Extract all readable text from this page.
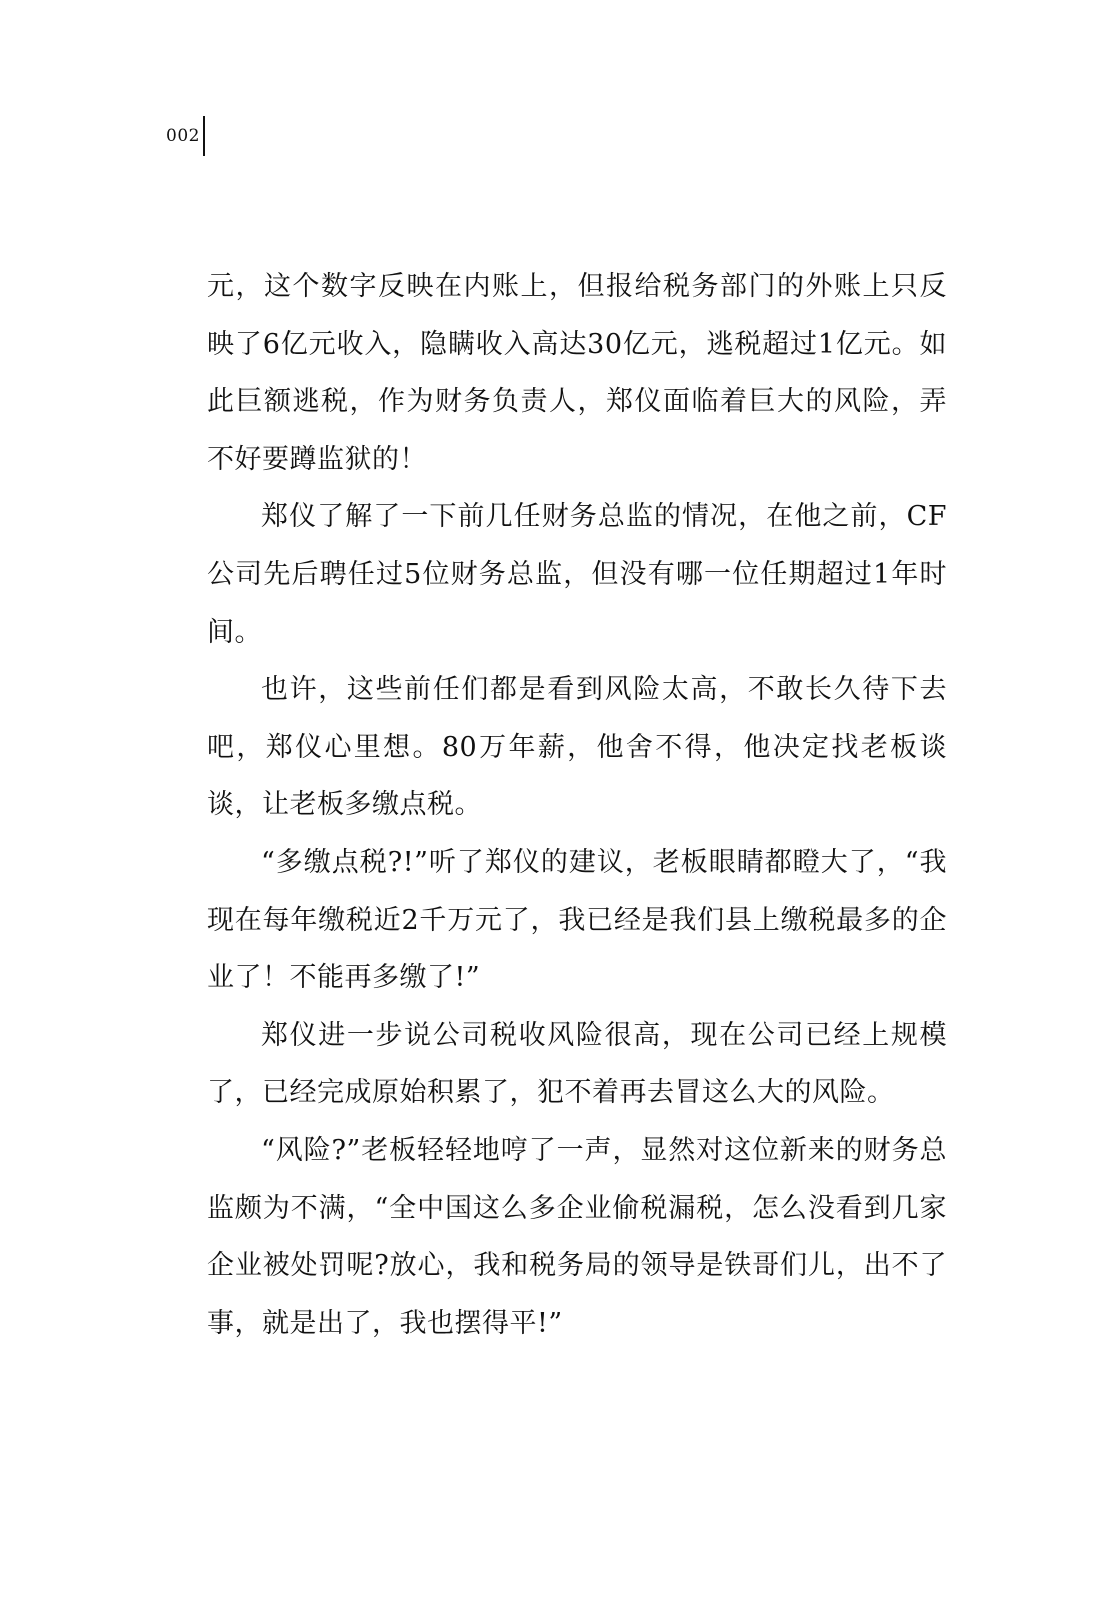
002

元，这个数字反映在内账上，但报给税务部门的外账上只反映了6亿元收入，隐瞒收入高达30亿元，逃税超过1亿元。如此巨额逃税，作为财务负责人，郑仪面临着巨大的风险，弄不好要蹲监狱的！

郑仪了解了一下前几任财务总监的情况，在他之前，CF公司先后聘任过5位财务总监，但没有哪一位任期超过1年时间。

也许，这些前任们都是看到风险太高，不敢长久待下去吧，郑仪心里想。80万年薪，他舍不得，他决定找老板谈谈，让老板多缴点税。

“多缴点税?!”听了郑仪的建议，老板眼睛都瞪大了，“我现在每年缴税近2千万元了，我已经是我们县上缴税最多的企业了！不能再多缴了!”

郑仪进一步说公司税收风险很高，现在公司已经上规模了，已经完成原始积累了，犯不着再去冒这么大的风险。

“风险?”老板轻轻地哼了一声，显然对这位新来的财务总监颇为不满，“全中国这么多企业偷税漏税，怎么没看到几家企业被处罚呢?放心，我和税务局的领导是铁哥们儿，出不了事，就是出了，我也摆得平!”
